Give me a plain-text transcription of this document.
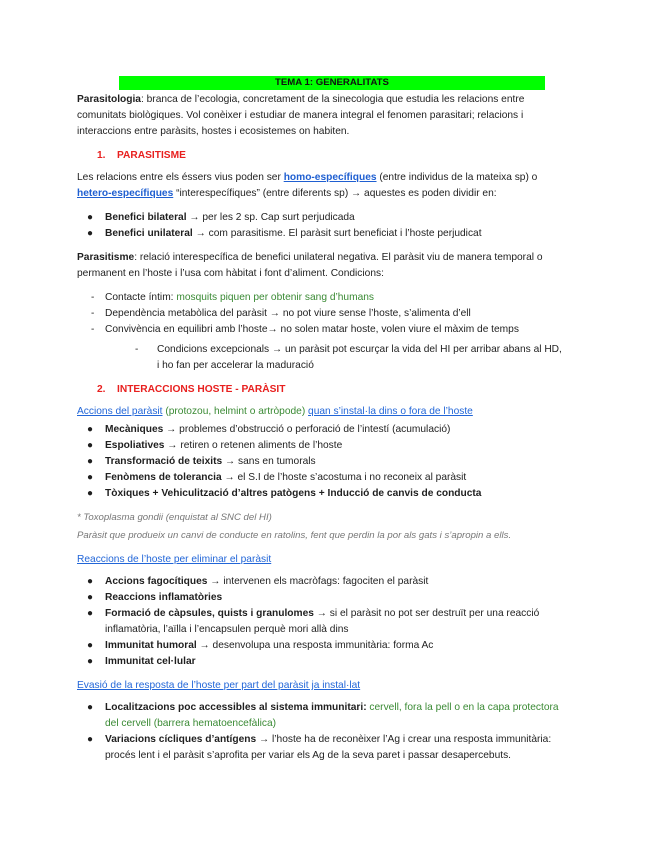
TEMA 1: GENERALITATS

Parasitologia: branca de l’ecologia, concretament de la sinecologia que estudia les relacions entre comunitats biològiques. Vol conèixer i estudiar de manera integral el fenomen parasitari; relacions i interaccions entre paràsits, hostes i ecosistemes on habiten.

1. PARASITISME

Les relacions entre els éssers vius poden ser homo-específiques (entre individus de la mateixa sp) o hetero-específiques “interespecífiques” (entre diferents sp) → aquestes es poden dividir en:

● Benefici bilateral → per les 2 sp. Cap surt perjudicada
● Benefici unilateral → com parasitisme. El paràsit surt beneficiat i l’hoste perjudicat

Parasitisme: relació interespecífica de benefici unilateral negativa. El paràsit viu de manera temporal o permanent en l’hoste i l’usa com hàbitat i font d’aliment. Condicions:

- Contacte íntim: mosquits piquen per obtenir sang d’humans
- Dependència metabòlica del paràsit → no pot viure sense l’hoste, s’alimenta d’ell
- Convivència en equilibri amb l’hoste→ no solen matar hoste, volen viure el màxim de temps
- Condicions excepcionals → un paràsit pot escurçar la vida del HI per arribar abans al HD, i ho fan per accelerar la maduració
2. INTERACCIONS HOSTE - PARÀSIT

Accions del paràsit (protozou, helmint o artròpode) quan s’instal·la dins o fora de l’hoste

● Mecàniques → problemes d’obstrucció o perforació de l’intestí (acumulació)
● Espoliatives → retiren o retenen aliments de l’hoste
● Transformació de teixits → sans en tumorals
● Fenòmens de tolerancia → el S.I de l’hoste s’acostuma i no reconeix al paràsit
● Tòxiques + Vehiculització d’altres patògens + Inducció de canvis de conducta

* Toxoplasma gondii (enquistat al SNC del HI)

Paràsit que produeix un canvi de conducte en ratolins, fent que perdin la por als gats i s’apropin a ells.

Reaccions de l’hoste per eliminar el paràsit

● Accions fagocítiques → intervenen els macròfags: fagociten el paràsit
● Reaccions inflamatòries
● Formació de càpsules, quists i granulomes → si el paràsit no pot ser destruït per una reacció inflamatòria, l’aïlla i l’encapsulen perquè mori allà dins
● Immunitat humoral → desenvolupa una resposta immunitària: forma Ac
● Immunitat cel·lular

Evasió de la resposta de l’hoste per part del paràsit ja instal·lat

● Localitzacions poc accessibles al sistema immunitari: cervell, fora la pell o en la capa protectora del cervell (barrera hematoencefàlica)
● Variacions cícliques d’antígens → l’hoste ha de reconèixer l’Ag i crear una resposta immunitària: procés lent i el paràsit s’aprofita per variar els Ag de la seva paret i passar desapercebuts.
